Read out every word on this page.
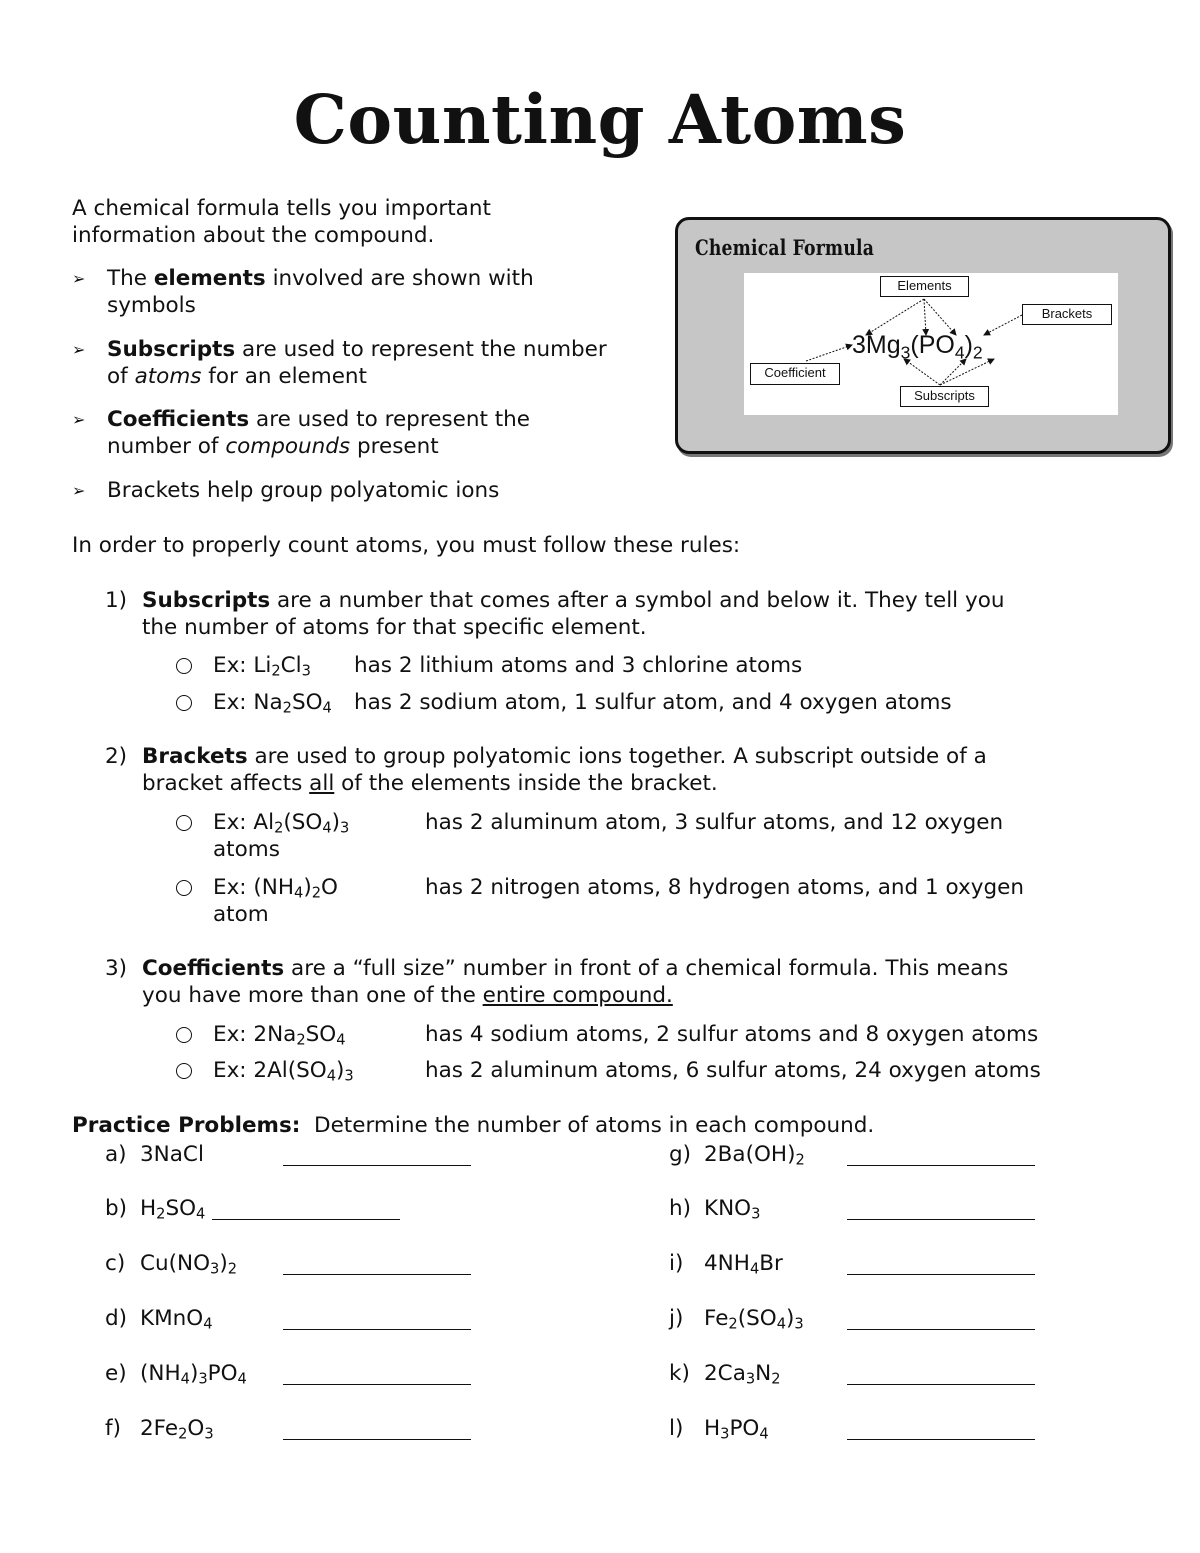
Counting Atoms
A chemical formula tells you important
information about the compound.
➢ The elements involved are shown with
symbols
➢ Subscripts are used to represent the number
of atoms for an element
➢ Coefficients are used to represent the
number of compounds present
➢ Brackets help group polyatomic ions
Chemical Formula
Elements
Brackets
Coefficient
Subscripts
$3Mg_3(PO_4)_2$
In order to properly count atoms, you must follow these rules:
1) Subscripts are a number that comes after a symbol and below it. They tell you
the number of atoms for that specific element.
Ex: $Li_2Cl_3$ has 2 lithium atoms and 3 chlorine atoms
Ex: $Na_2SO_4$ has 2 sodium atom, 1 sulfur atom, and 4 oxygen atoms
2) Brackets are used to group polyatomic ions together. A subscript outside of a
bracket affects all of the elements inside the bracket.
Ex: $Al_2(SO_4)_3$	has 2 aluminum atom, 3 sulfur atoms, and 12 oxygen
atoms
Ex: $(NH_4)_2O$	has 2 nitrogen atoms, 8 hydrogen atoms, and 1 oxygen
atom
3) Coefficients are a “full size” number in front of a chemical formula. This means
you have more than one of the entire compound.
Ex: $2Na_2SO_4$	has 4 sodium atoms, 2 sulfur atoms and 8 oxygen atoms
Ex: $2Al(SO_4)_3$	has 2 aluminum atoms, 6 sulfur atoms, 24 oxygen atoms
Practice Problems: Determine the number of atoms in each compound.
a) 3NaCl
b) $H_2SO_4$
c) $Cu(NO_3)_2$
d) KMnO$_4$
e) $(NH_4)_3PO_4$
f) $2Fe_2O_3$
g) $2Ba(OH)_2$
h) $KNO_3$
i) $4NH_4Br$
j) $Fe_2(SO_4)_3$
k) $2Ca_3N_2$
l) $H_3PO_4$
